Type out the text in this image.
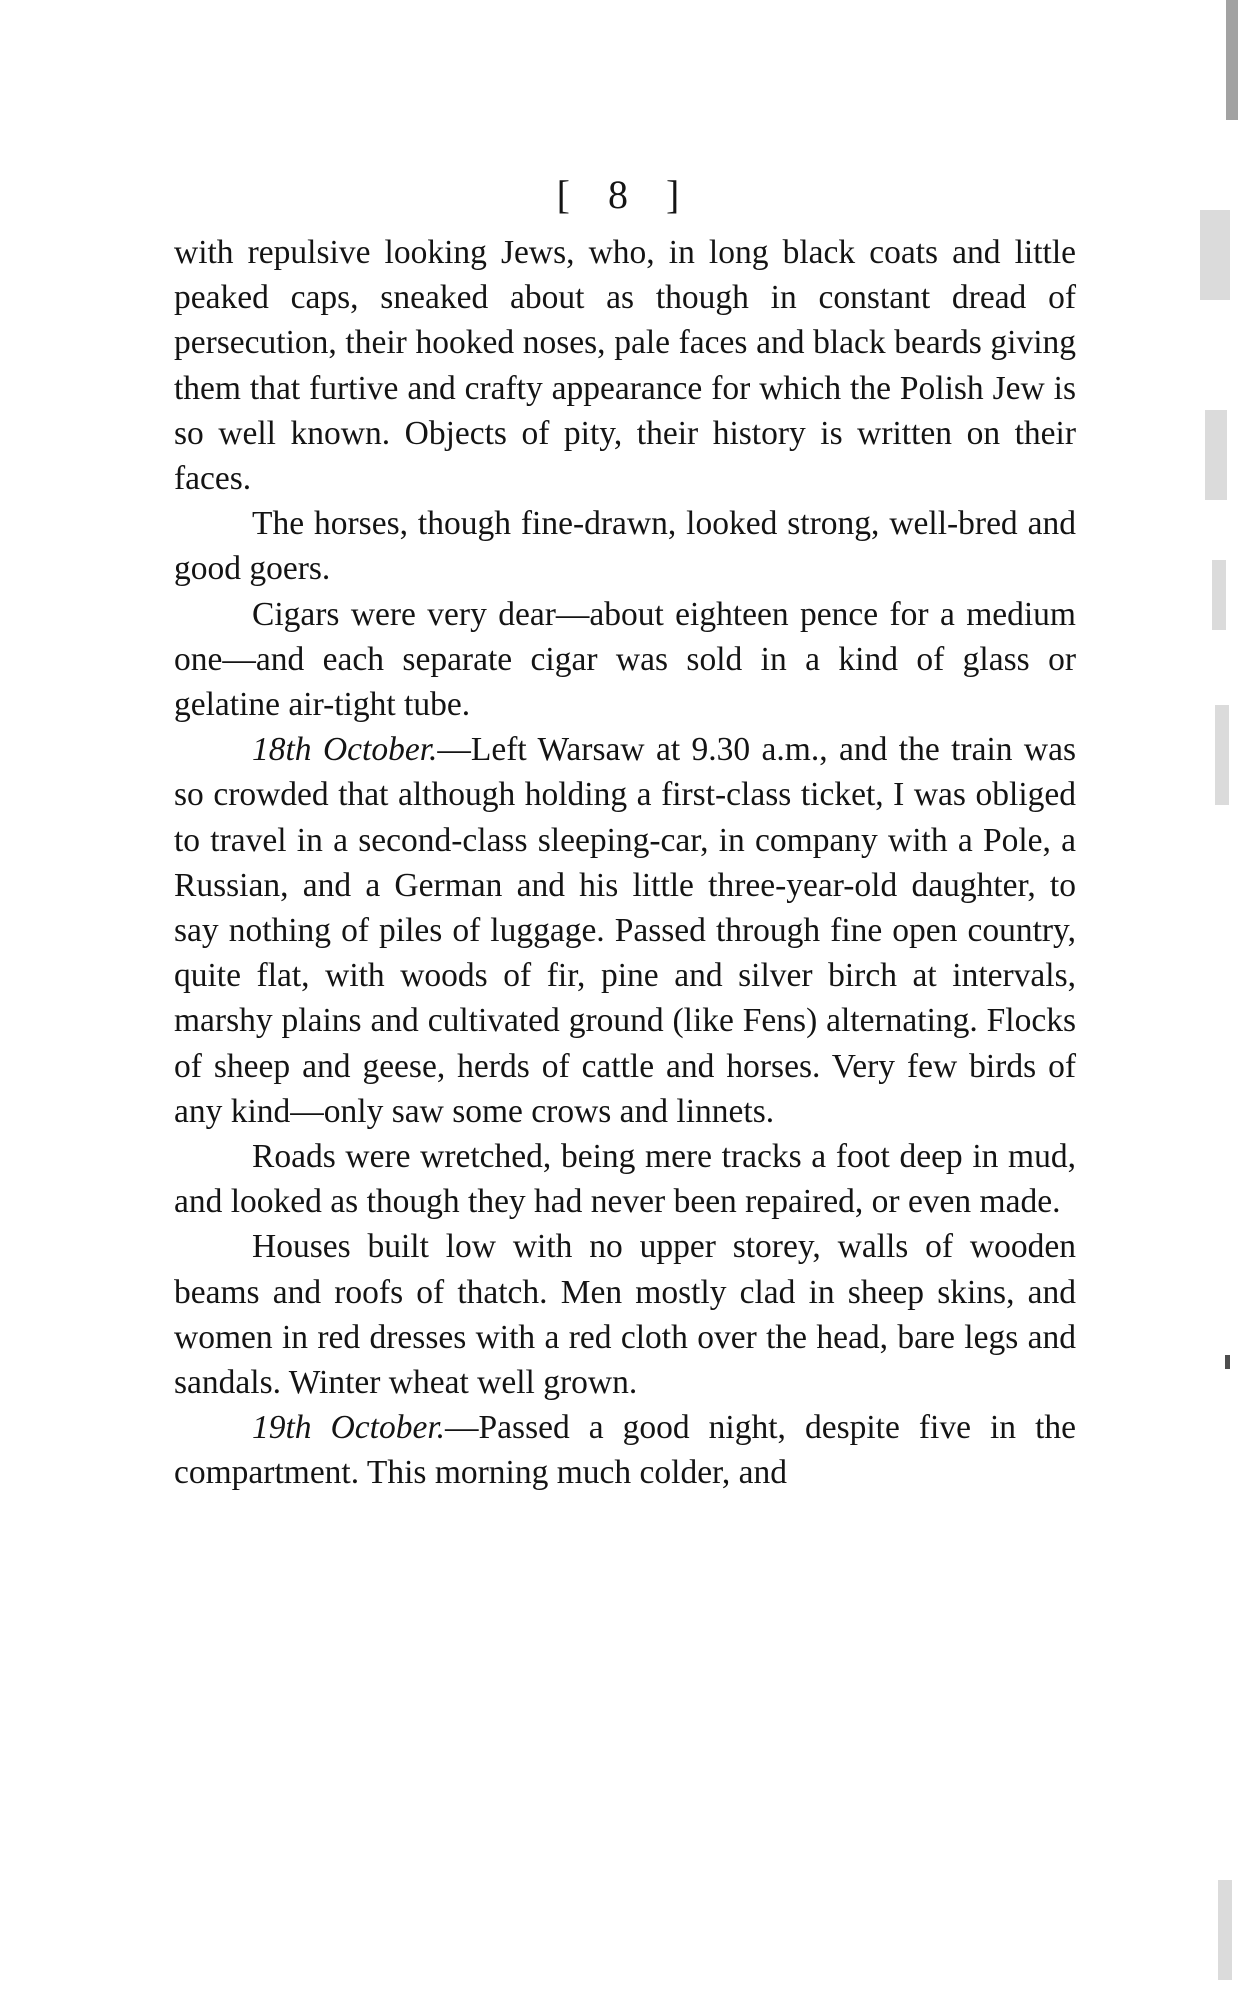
[ 8 ]

with repulsive looking Jews, who, in long black coats and little peaked caps, sneaked about as though in constant dread of persecution, their hooked noses, pale faces and black beards giving them that furtive and crafty appearance for which the Polish Jew is so well known. Objects of pity, their history is written on their faces.

The horses, though fine-drawn, looked strong, well-bred and good goers.

Cigars were very dear—about eighteen pence for a medium one—and each separate cigar was sold in a kind of glass or gelatine air-tight tube.

18th October.—Left Warsaw at 9.30 a.m., and the train was so crowded that although holding a first-class ticket, I was obliged to travel in a second-class sleeping-car, in company with a Pole, a Russian, and a German and his little three-year-old daughter, to say nothing of piles of luggage. Passed through fine open country, quite flat, with woods of fir, pine and silver birch at intervals, marshy plains and cultivated ground (like Fens) alternating. Flocks of sheep and geese, herds of cattle and horses. Very few birds of any kind—only saw some crows and linnets.

Roads were wretched, being mere tracks a foot deep in mud, and looked as though they had never been repaired, or even made.

Houses built low with no upper storey, walls of wooden beams and roofs of thatch. Men mostly clad in sheep skins, and women in red dresses with a red cloth over the head, bare legs and sandals. Winter wheat well grown.

19th October.—Passed a good night, despite five in the compartment. This morning much colder, and
